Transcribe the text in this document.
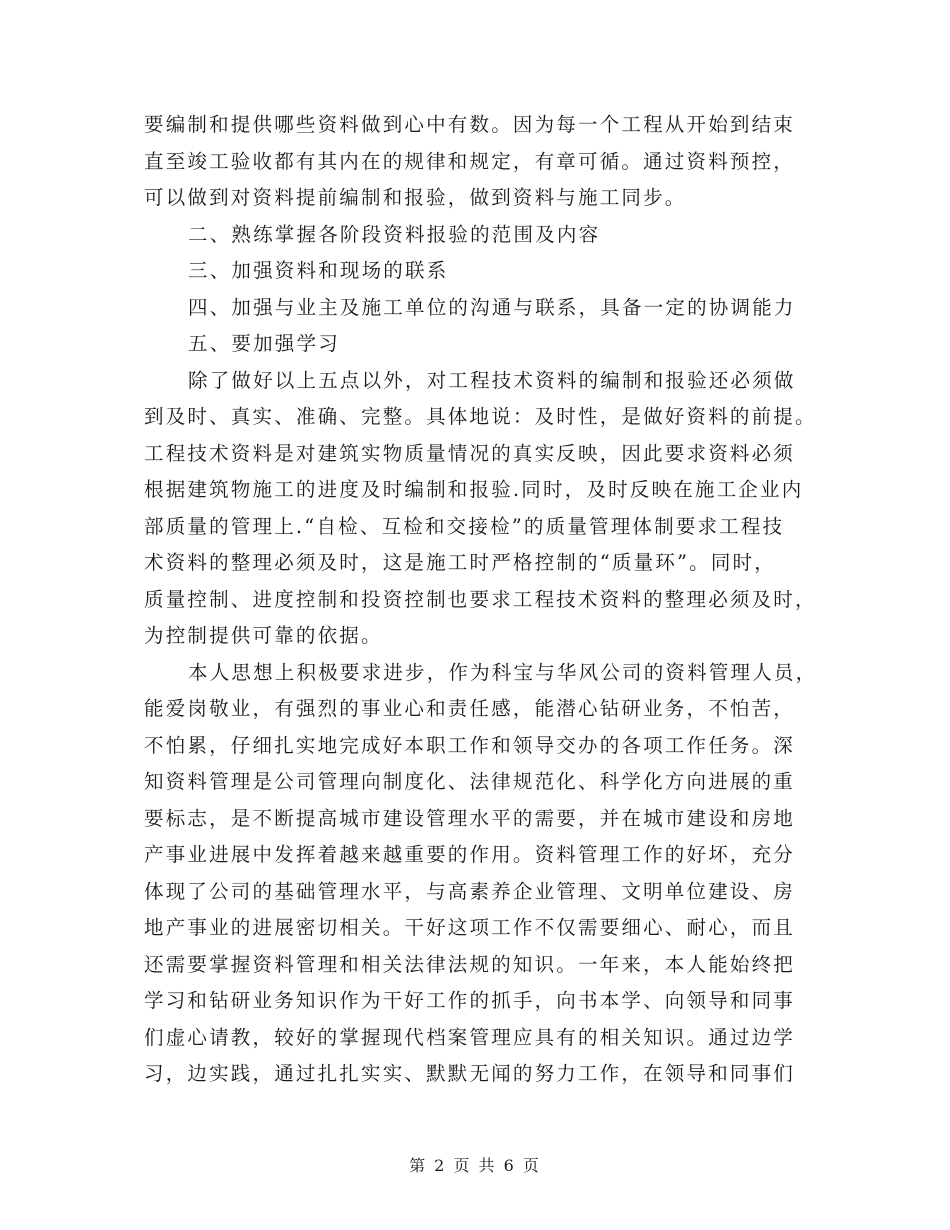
要编制和提供哪些资料做到心中有数。因为每一个工程从开始到结束
直至竣工验收都有其内在的规律和规定，有章可循。通过资料预控，
可以做到对资料提前编制和报验，做到资料与施工同步。
二、熟练掌握各阶段资料报验的范围及内容
三、加强资料和现场的联系
四、加强与业主及施工单位的沟通与联系，具备一定的协调能力
五、要加强学习
除了做好以上五点以外，对工程技术资料的编制和报验还必须做
到及时、真实、准确、完整。具体地说：及时性，是做好资料的前提。
工程技术资料是对建筑实物质量情况的真实反映，因此要求资料必须
根据建筑物施工的进度及时编制和报验.同时，及时反映在施工企业内
部质量的管理上.“自检、互检和交接检”的质量管理体制要求工程技
术资料的整理必须及时，这是施工时严格控制的“质量环”。同时，
质量控制、进度控制和投资控制也要求工程技术资料的整理必须及时，
为控制提供可靠的依据。
本人思想上积极要求进步，作为科宝与华风公司的资料管理人员，
能爱岗敬业，有强烈的事业心和责任感，能潜心钻研业务，不怕苦，
不怕累，仔细扎实地完成好本职工作和领导交办的各项工作任务。深
知资料管理是公司管理向制度化、法律规范化、科学化方向进展的重
要标志，是不断提高城市建设管理水平的需要，并在城市建设和房地
产事业进展中发挥着越来越重要的作用。资料管理工作的好坏，充分
体现了公司的基础管理水平，与高素养企业管理、文明单位建设、房
地产事业的进展密切相关。干好这项工作不仅需要细心、耐心，而且
还需要掌握资料管理和相关法律法规的知识。一年来，本人能始终把
学习和钻研业务知识作为干好工作的抓手，向书本学、向领导和同事
们虚心请教，较好的掌握现代档案管理应具有的相关知识。通过边学
习，边实践，通过扎扎实实、默默无闻的努力工作，在领导和同事们
第 2 页 共 6 页
